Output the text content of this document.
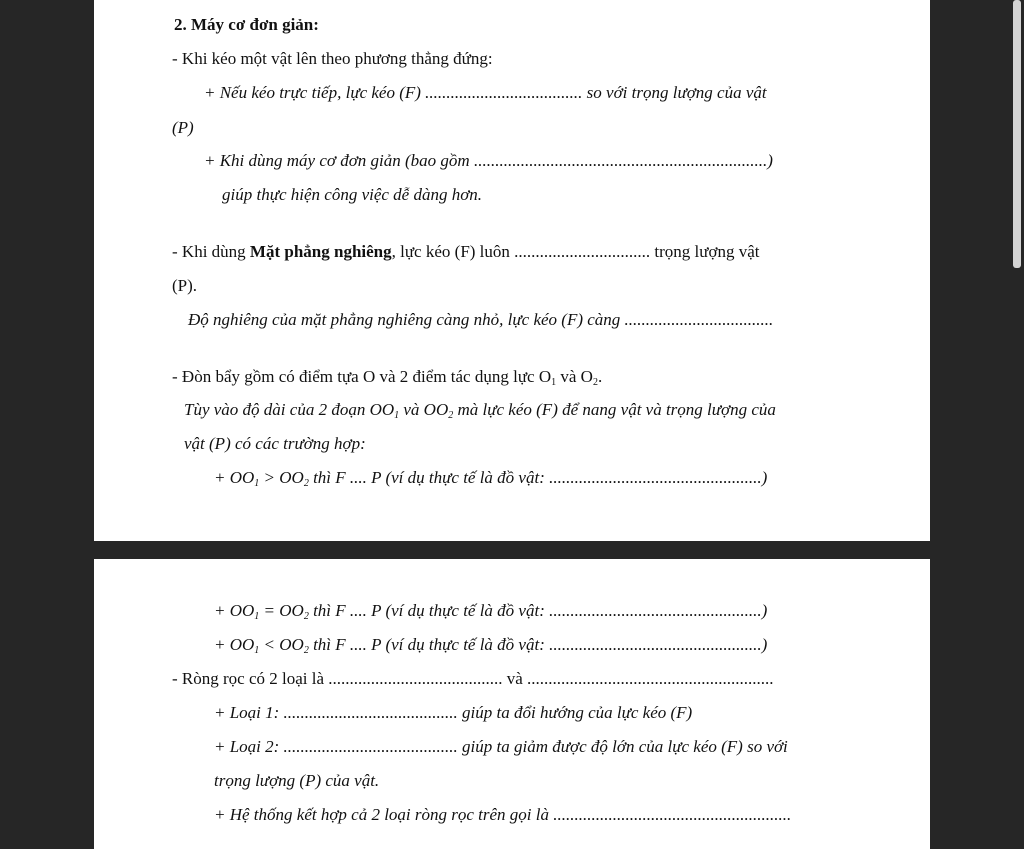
2. Máy cơ đơn giản:
- Khi kéo một vật lên theo phương thẳng đứng:
+ Nếu kéo trực tiếp, lực kéo (F) ..................................... so với trọng lượng của vật
(P)
+ Khi dùng máy cơ đơn giản (bao gồm .....................................................................)
giúp thực hiện công việc dễ dàng hơn.
- Khi dùng Mặt phẳng nghiêng, lực kéo (F) luôn ................................ trọng lượng vật
(P).
Độ nghiêng của mặt phẳng nghiêng càng nhỏ, lực kéo (F) càng ...................................
- Đòn bẩy gồm có điểm tựa O và 2 điểm tác dụng lực $O_1$ và $O_2$.
Tùy vào độ dài của 2 đoạn $OO_1$ và $OO_2$ mà lực kéo (F) để nang vật và trọng lượng của
vật (P) có các trường hợp:
+ $OO_1 > OO_2$ thì F .... P (ví dụ thực tế là đồ vật: ..................................................)
+ $OO_1 = OO_2$ thì F .... P (ví dụ thực tế là đồ vật: ..................................................)
+ $OO_1 < OO_2$ thì F .... P (ví dụ thực tế là đồ vật: ..................................................)
- Ròng rọc có 2 loại là ......................................... và ..........................................................
+ Loại 1: ......................................... giúp ta đổi hướng của lực kéo (F)
+ Loại 2: ......................................... giúp ta giảm được độ lớn của lực kéo (F) so với
trọng lượng (P) của vật.
+ Hệ thống kết hợp cả 2 loại ròng rọc trên gọi là ........................................................
